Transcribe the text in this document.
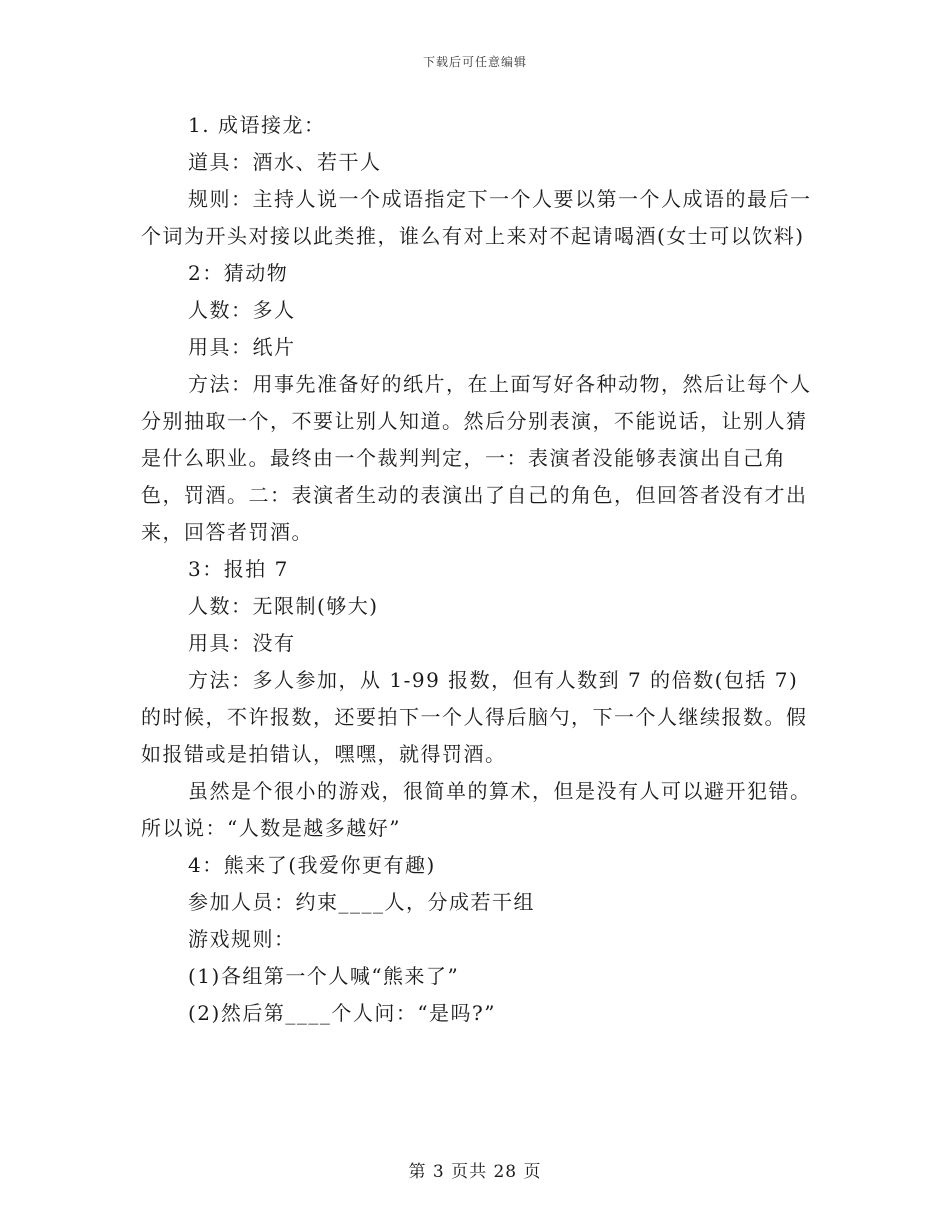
下载后可任意编辑

1. 成语接龙：

道具：酒水、若干人

规则：主持人说一个成语指定下一个人要以第一个人成语的最后一个词为开头对接以此类推，谁么有对上来对不起请喝酒(女士可以饮料)

2：猜动物

人数：多人

用具：纸片

方法：用事先准备好的纸片，在上面写好各种动物，然后让每个人分别抽取一个，不要让别人知道。然后分别表演，不能说话，让别人猜是什么职业。最终由一个裁判判定，一：表演者没能够表演出自己角色，罚酒。二：表演者生动的表演出了自己的角色，但回答者没有才出来，回答者罚酒。

3：报拍 7

人数：无限制(够大)

用具：没有

方法：多人参加，从 1-99 报数，但有人数到 7 的倍数(包括 7)的时候，不许报数，还要拍下一个人得后脑勺，下一个人继续报数。假如报错或是拍错认，嘿嘿，就得罚酒。

虽然是个很小的游戏，很简单的算术，但是没有人可以避开犯错。所以说：“人数是越多越好”

4：熊来了(我爱你更有趣)

参加人员：约束____人，分成若干组

游戏规则：

(1)各组第一个人喊“熊来了”

(2)然后第____个人问：“是吗?”

第 3 页共 28 页
